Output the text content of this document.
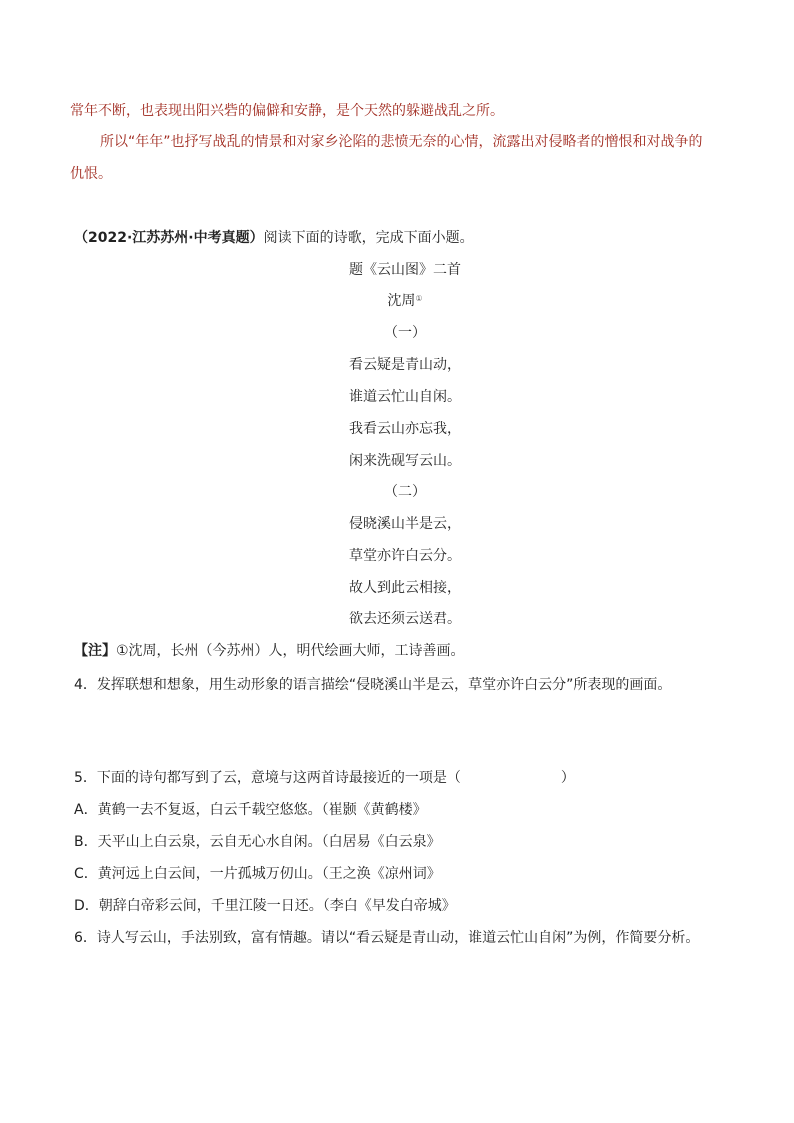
常年不断，也表现出阳兴砦的偏僻和安静，是个天然的躲避战乱之所。
所以“年年”也抒写战乱的情景和对家乡沦陷的悲愤无奈的心情，流露出对侵略者的憎恨和对战争的
仇恨。
（2022·江苏苏州·中考真题）阅读下面的诗歌，完成下面小题。
题《云山图》二首
沈周①
（一）
看云疑是青山动，
谁道云忙山自闲。
我看云山亦忘我，
闲来洗砚写云山。
（二）
侵晓溪山半是云，
草堂亦许白云分。
故人到此云相接，
欲去还须云送君。
【注】①沈周，长州（今苏州）人，明代绘画大师，工诗善画。
4．发挥联想和想象，用生动形象的语言描绘“侵晓溪山半是云，草堂亦许白云分”所表现的画面。
5．下面的诗句都写到了云，意境与这两首诗最接近的一项是（	）
A．黄鹤一去不复返，白云千载空悠悠。（崔颢《黄鹤楼》
B．天平山上白云泉，云自无心水自闲。（白居易《白云泉》
C．黄河远上白云间，一片孤城万仞山。（王之涣《凉州词》
D．朝辞白帝彩云间，千里江陵一日还。（李白《早发白帝城》
6．诗人写云山，手法别致，富有情趣。请以“看云疑是青山动，谁道云忙山自闲”为例，作简要分析。
